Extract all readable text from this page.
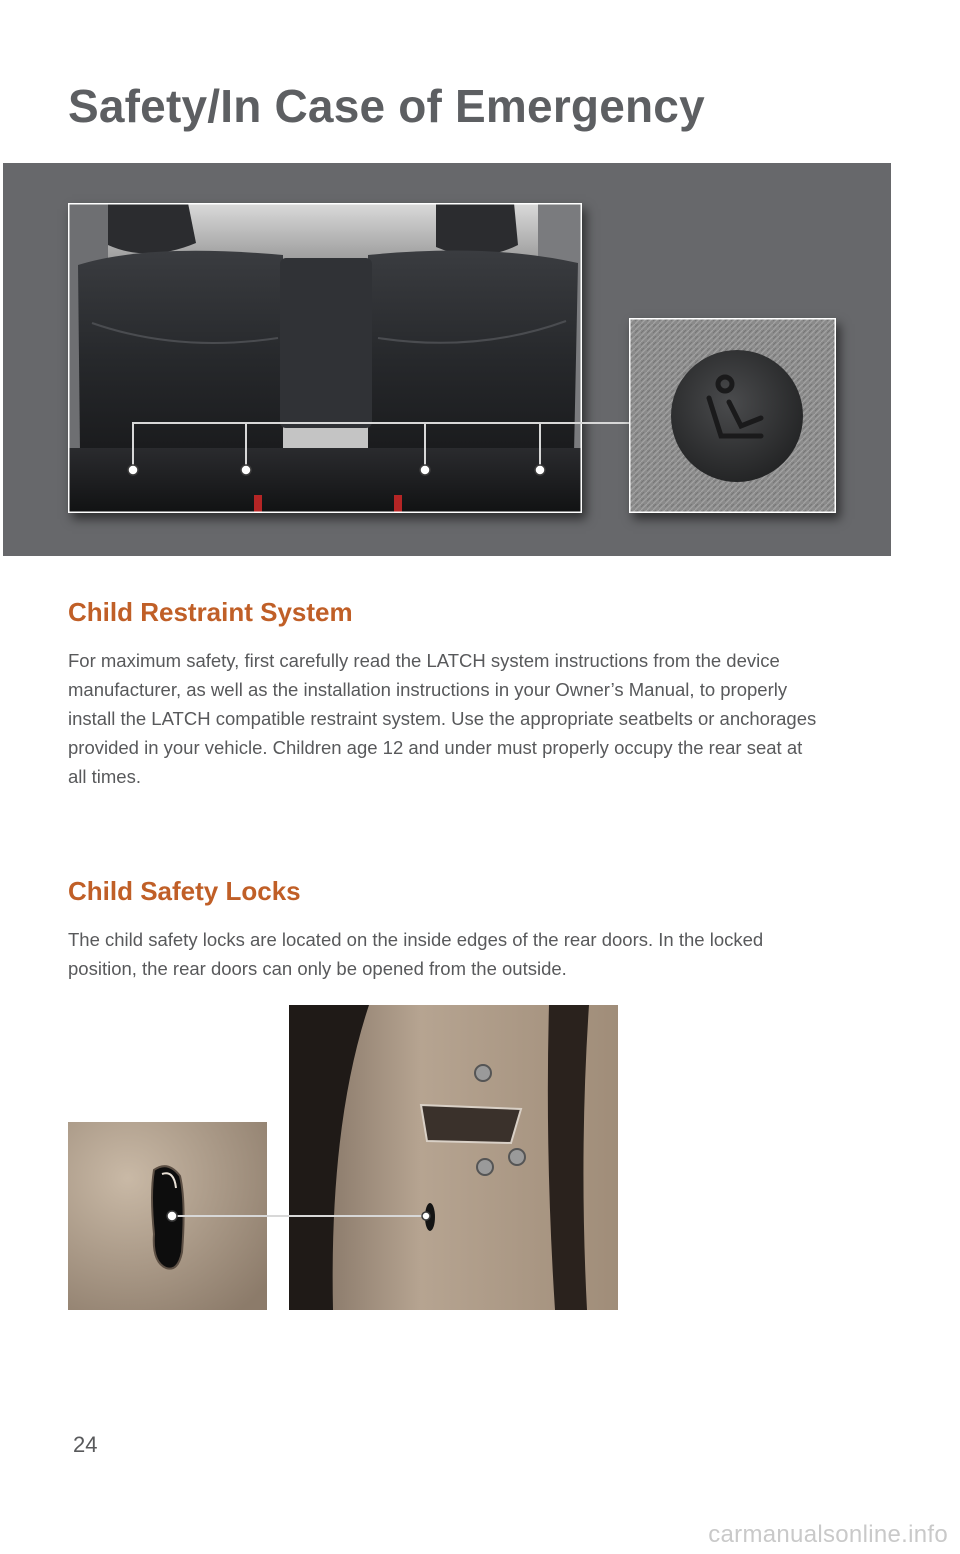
Safety/In Case of Emergency
Child Restraint System
For maximum safety, first carefully read the LATCH system instructions from the device
manufacturer, as well as the installation instructions in your Owner’s Manual, to properly
install the LATCH compatible restraint system. Use the appropriate seatbelts or anchorages
provided in your vehicle. Children age 12 and under must properly occupy the rear seat at
all times.
Child Safety Locks
The child safety locks are located on the inside edges of the rear doors. In the locked
position, the rear doors can only be opened from the outside.

24

carmanualsonline.info
